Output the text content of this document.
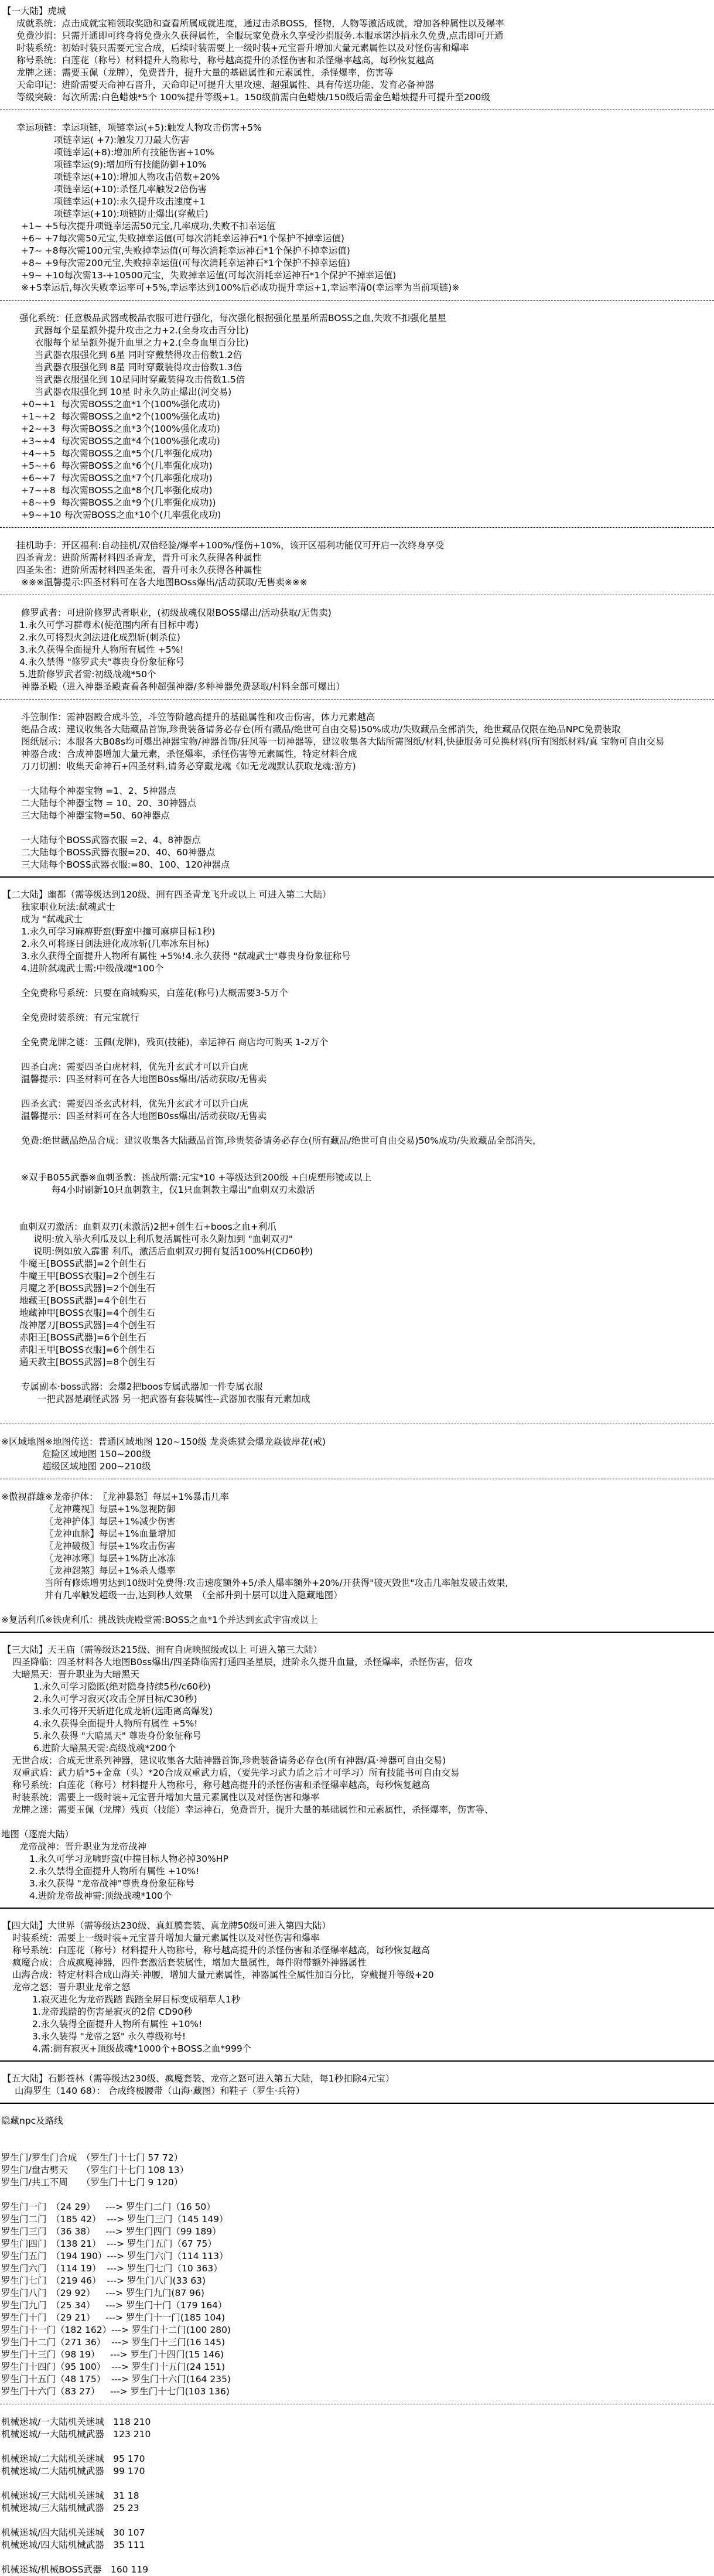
【一大陆】虎城
成就系统：点击成就宝箱领取奖励和查看所属成就进度，通过击杀BOSS，怪物，人物等激活成就，增加各种属性以及爆率
免费沙捐：只需开通即可终身将免费永久获得属性，全服玩家免费永久享受沙捐服务.本服承诺沙捐永久免费,点击即可开通
时装系统：初始时装只需要元宝合成，后续时装需要上一级时装+元宝晋升增加大量元素属性以及对怪伤害和爆率
称号系统：白莲花（称号）材料提升人物称号，称号越高提升的杀怪伤害和杀怪爆率越高，每秒恢复越高
龙牌之迷：需要玉佩（龙牌），免费晋升，提升大量的基础属性和元素属性，杀怪爆率，伤害等
天命印记：进阶需要天命神石晋升，天命印记可提升大里攻速、超强属性、具有传送功能、发育必备神器
等级突破：每次所需:白色蜡烛*5个 100%提升等级+1。150级前需白色蜡烛/150级后需金色蜡烛提升可提升至200级
幸运项链：幸运项链，项链幸运(+5):触发人物攻击伤害+5%
项链幸运( +7):触发刀刀最大伤害
项链幸运(+8):增加所有技能伤害+10%
项链幸运(9):增加所有技能防御+10%
项链幸运(+10):增加人物攻击倍数+20%
项链幸运(+10):杀怪几率触发2倍伤害
项链幸运(+10):永久提升攻击速度+1
项链幸运(+10):项链防止爆出(穿戴后)
+1~ +5每次提升项链幸运需50元宝,几率成功,失败不扣幸运值
+6~ +7每次需50元宝,失败掉幸运值(可每次消耗幸运神石*1个保护不掉幸运值)
+7~ +8每次需100元宝,失败掉幸运值(可每次消耗幸运神石*1个保护不掉幸运值)
+8~ +9每次需200元宝,失败掉幸运值(可每次消耗幸运神石*1个保护不掉幸运值)
+9~ +10每次需13-+10500元宝，失败掉幸运值(可每次消耗幸运神石*1个保护不掉幸运值)
※+5幸运后,每次失败幸运率可+5%,幸运率达到100%后必成功提升幸运+1,幸运率清0(幸运率为当前项链)※
强化系统：任意极品武器或极品衣服可进行强化，每次强化根据强化星星所需BOSS之血,失败不扣强化星星
武器每个星星额外提升攻击之力+2.(全身攻击百分比)
衣服每个星呈额外提升血里之力+2.(全身血里百分比)
当武器衣服强化到 6星 同时穿戴禁得攻击倍数1.2倍
当武器衣服强化到 8星 同时穿戴装得攻击倍数1.3倍
当武器衣服强化到 10星同时穿戴装得攻击倍数1.5倍
当武器衣服强化到 10星 时永久防止爆出(河交易)
+0~+1  每次需BOSS之血*1个(100%强化成功)
+1~+2  每次需BOSS之血*2个(100%强化成功)
+2~+3  每次需BOSS之血*3个(100%强化成功)
+3~+4  每次需BOSS之血*4个(100%强化成功)
+4~+5  每次需BOSS之血*5个(几率强化成功)
+5~+6  每次需BOSS之血*6个(几率强化成功)
+6~+7  每次需BOSS之血*7个(几率强化成功)
+7~+8  每次需BOSS之血*8个(几率强化成功)
+8~+9  每次需BOSS之血*9个(几率强化成功))
+9~+10 每次需BOSS之血*10个(几率强化成功)
挂机助手：开区福利:自动挂机/双倍经验/爆率+100%/怪伤+10%，该开区福利功能仅可开启一次终身享受
四圣青龙：进阶所需材料四圣青龙，晋升可永久获得各种属性
四圣朱雀：进阶所需材料四圣朱雀，晋升可永久获得各种属性
※※※温馨提示:四圣材料可在各大地图BOss爆出/活动获取/无售卖※※※
修罗武者：可进阶修罗武者职业，(初级战魂仅限BOSS爆出/活动获取/无售卖)
1.永久可学习群毒术(使范围内所有目标中毒)
2.永久可将烈火剑法进化成烈斩(刺杀位)
3.永久获得全面提升人物所有属性 +5%!
4.永久禁得 "修罗武夫"尊贵身份象征称号
5.进阶修罗武者需:初级战魂*50个
神器圣殿（进入神器圣殿查看各种超强神器/多种神器免费瑟取/村料全部可爆出）
斗笠制作：需神器殿合成斗笠，斗笠等阶越高提升的基础属性和攻击伤害，体力元素越高
绝品合成：建议收集各大陆藏品首饰,珍贵装备请务必存仓(所有藏品/绝世可自由交易)50%成功/失败藏品全部消失，绝世藏品仅限在绝品NPC免费装取
图纸展示：本服各大B08s均可爆出神器宝物/神器首饰/狂风等一切神器等，建议收集各大陆所需图纸/材料,快捷服务可兑换材料(所有图纸材料/真 宝物可自由交易
神器合成：合成神器增加大量元素，杀怪爆率，杀怪伤害等元素属性，特定材料合成
刀刀切割：收集天命神石+四圣材料,请务必穿戴龙魂《如无龙魂默认获取龙魂:游方)
一大陆每个神器宝物 =1、2、5神器点
二大陆每个神器宝物 = 10、20、30神器点
三大陆每个神器宝物=50、60神器点
一大陆每个BOSS武器衣服 =2、4、8神器点
二大陆每个BOSS武器衣服=20、40、60神器点
三大陆每个BOSS武器衣服:=80、100、120神器点
【二大陆】幽都（需等级达到120级、拥有四圣青龙飞升或以上 可进入第二大陆）
独家职业玩法:弑魂武士
成为 "弑魂武士
1.永久可学习麻痹野蛮(野蛮中撞可麻痹目标1秒)
2.永久可将逐日剑法进化成冰斩(几率冰东目标)
3.永久获得全面提升人物所有属性 +5%!4.永久获得 "弑魂武士"尊贵身份象征称号
4.进阶弑魂武士需:中级战魂*100个
全免费称号系统：只要在商城购买，白莲花(称号)大概需要3-5万个
全免费时装系统：有元宝就行
全免费龙牌之谜：玉佩(龙牌)，残页(技能)，幸运神石 商店均可购买 1-2万个
四圣白虎：需要四圣白虎材料，优先升玄武才可以升白虎
温馨提示：四圣材料可在各大地图B0ss爆出/活动获取/无售卖
四圣玄武：需要四圣玄武材料，优先升玄武才可以升白虎
温馨提示：四圣材料可在各大地图B0ss爆出/活动获取/无售卖
免费:绝世藏品绝品合成：建议收集各大陆藏品首饰,珍贵装备请务必存仓(所有藏品/绝世可自由交易)50%成功/失败藏品全部消失，
※双手B055武器※血刺圣教：挑战所需:元宝*10 +等级达到200级 +白虎塑形镜或以上
每4小时刷新10只血刺教主，仅1只血刺教主爆出"血刺双刃未激活
血刺双刃激活：血刺双刃(未激活)2把+创生石+boos之血+利爪
说明:放入举火利瓜及以上利爪复活属性可永久附加到 "血刺双刃"
说明:例如放入霹雷 利爪，激活后血刺双刃拥有复活100%H(CD60秒)
牛魔王[BOSS武器]=2个创生石
牛魔王甲[BOSS衣服]=2个创生石
月魔之矛[BOSS武器]=2个创生石
地藏王[BOSS武器]=4个创生石
地藏神甲[BOSS衣服]=4个创生石
战神屠刀[BOSS武器]=4个创生石
赤阳王[BOSS武器]=6个创生石
赤阳王甲[BOSS衣服]=6个创生石
通天教主[BOSS武器]=8个创生石
专属副本·boss武器：会爆2把boos专属武器加一件专属衣服
一把武器是刷怪武器 另一把武器有套装属性--武器加衣服有元素加成
※区域地图※地图传送：普通区域地图 120~150级 龙炎炼狱会爆龙焱彼岸花(戒)
危险区域地图 150~200级
超级区域地图 200~210级
※傲视群雄※龙帝护体：　〖龙神暴怒〗每层+1%暴击几率
〖龙神蔑视〗每层+1%忽视防御
〖龙神护体〗每层+1%减少伤害
〖龙神血脉】每层+1%血量增加
〖龙神破极〗每层+1%攻击伤害
〖龙神冰寒〗每层+1%防止冰冻
〖龙神怨煞〗每层+1%杀人爆率
当所有修炼增男达到10级时免费得:攻击速度额外+5/杀人爆率额外+20%/开获得"破灭毁世"攻击几率触发破击效果,
并有几率触发超级一击,达到秒人效果　（全部升到十层可以进入隐藏地图）
※复活利爪※铁虎利爪：挑战铁虎殿堂需:BOSS之血*1个并达到玄武宇宙或以上
【三大陆】天王庙（需等级达215级、拥有自虎映照级或以上 可进入第三大陆）
四圣降临：四圣材料各大地图B0ss爆出/四圣降临需打通四圣星辰，进阶永久提升血量，杀怪爆率，杀怪伤害，倍攻
大暗黑天：晋升职业为大暗黑天
1.永久可学习隐匿(绝对隐身持续5秒/c60秒)
2.永久可学习寂灭(攻击全屏目标/C30秒)
3.永久可将开天斩进化成龙斩(远距离高爆发)
4.永久获得全面提升人物所有属性 +5%!
5.永久获得 "大暗黑天" 尊贵身份象征称号
6.进阶大暗黑天需:高级战魂*200个
无世合成：合成无世系列神器，建议收集各大陆神器首饰,珍贵装备请务必存仓(所有神器/真·神器可自由交易)
双重武盾：武力盾*5+金盒（头）*20合成双重武力盾，（要先学习武力盾之后才可学习）所有技能书可自由交易
称号系统：白莲花（称号）材料提升人物称号，称号越高提升的杀怪伤害和杀怪爆率越高，每秒恢复越高
时装系统：需要上一级时装+元宝晋升增加大量元素属性以及对怪伤害和爆率
龙牌之迷：需要玉佩（龙牌）残页（技能）幸运神石，免费晋升，提升大量的基础属性和元素属性，杀怪爆率，伤害等、
地图（逐鹿大陆）
龙帝战神：晋升职业为龙帝战神
1.永久可学习龙啸野蛮(中撞目标人物必掉30%HP
2.永久禁得全面提升人物所有属性 +10%!
3.永久获得 "龙帝战神"尊贵身份象征称号
4.进阶龙帝战神需:顶级战魂*100个
【四大陆】大世界（需等级达230级、真虹膜套装、真龙牌50级可进入第四大陆）
时装系统：需要上一级时装+元宝晋升增加大量元素属性以及对怪伤害和爆率
称号系统：白莲花（称号）材料提升人物称号，称号越高提升的杀怪伤害和杀怪爆率越高，每秒恢复越高
疯魔合成：合成疯魔神器，四件套激活套装属性，增加大量属性，每件附带额外神器属性
山海合成：特定材料合成山海关·神腰，增加大量元素属性，神器属性全属性加百分比，穿戴提升等级+20
龙帝之怒：晋升职业龙帝之怒
1.寂灭进化为龙帝践踏 践踏全屏目标变成稻草人1秒
1.龙帝践踏的伤害是寂灭的2倍 CD90秒
2.永久装得全面提升人物所有属性 +10%!
3.永久装得 "龙帝之怒" 永久尊级称号!
4.需:拥有寂灭+顶级战魂*1000个+BOSS之血*999个
【五大陆】石影苍林（需等级达230级、疯魔套装、龙帝之怒可进入第五大陆，每1秒扣除4元宝）
山海罗生（140 68）： 合成终极腰带（山海·藏图）和鞋子（罗生·兵符）
隐藏npc及路线
罗生门/罗生门合成　（罗生门十七门 57 72）
罗生门/盘古劈天　　（罗生门十七门 108 13）
罗生门/共工不周　　（罗生门十七门 9 120）
罗生门一门　（24 29）　  ---> 罗生门二门（16 50）
罗生门二门　（185 42）  ---> 罗生门三门（145 149）
罗生门三门　（36 38）　  ---> 罗生门四门（99 189）
罗生门四门　（138 21）  ---> 罗生门五门（67 75）
罗生门五门　（194 190）---> 罗生门六门（114 113）
罗生门六门　（114 19）  ---> 罗生门七门（10 363）
罗生门七门　（219 46）  ---> 罗生门八门(33 63)
罗生门八门　（29 92）　  ---> 罗生门九门(87 96)
罗生门九门　（25 34）　  ---> 罗生门十门（179 164）
罗生门十门　（29 21）　  ---> 罗生门十一门(185 104)
罗生门十一门（182 162）---> 罗生门十二门(100 280)
罗生门十二门（271 36）  ---> 罗生门十三门(16 145)
罗生门十三门（98 19）　  ---> 罗生门十四门(15 146)
罗生门十四门（95 100）  ---> 罗生门十五门(24 151)
罗生门十五门（48 175）  ---> 罗生门十六门(164 235)
罗生门十六门（83 27）　  ---> 罗生门十七门(103 136)
机械迷城/一大陆机关迷城　118 210
机械迷城/一大陆机械武器　123 210
机械迷城/二大陆机关迷城　95 170
机械迷城/二大陆机械武器　99 170
机械迷城/三大陆机关迷城　31 18
机械迷城/三大陆机械武器　25 23
机械迷城/四大陆机关迷城　30 107
机械迷城/四大陆机械武器　35 111
机械迷城/机械BOSS武器　160 119
